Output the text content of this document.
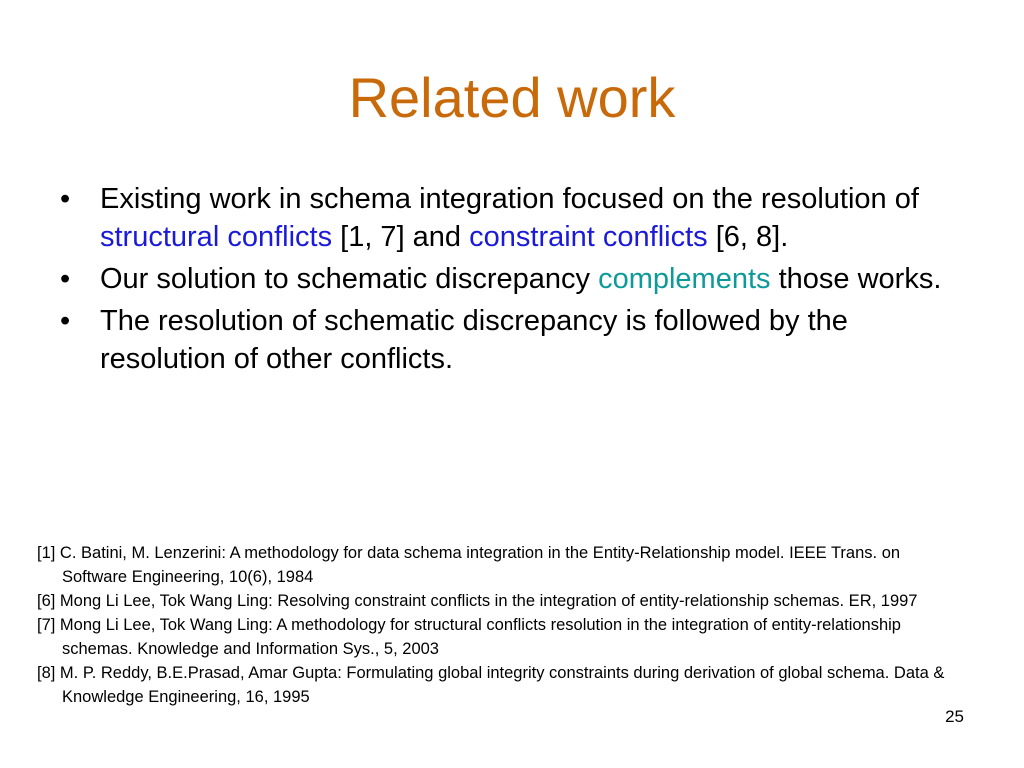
Related work
•	Existing work in schema integration focused on the resolution of structural conflicts [1, 7] and constraint conflicts [6, 8].
•	Our solution to schematic discrepancy complements those works.
•	The resolution of schematic discrepancy is followed by the resolution of other conflicts.
[1] C. Batini, M. Lenzerini: A methodology for data schema integration in the Entity-Relationship model. IEEE Trans. on Software Engineering, 10(6), 1984
[6] Mong Li Lee, Tok Wang Ling: Resolving constraint conflicts in the integration of entity-relationship schemas. ER, 1997
[7] Mong Li Lee, Tok Wang Ling: A methodology for structural conflicts resolution in the integration of entity-relationship schemas. Knowledge and Information Sys., 5, 2003
[8] M. P. Reddy, B.E.Prasad, Amar Gupta: Formulating global integrity constraints during derivation of global schema. Data & Knowledge Engineering, 16, 1995
25
